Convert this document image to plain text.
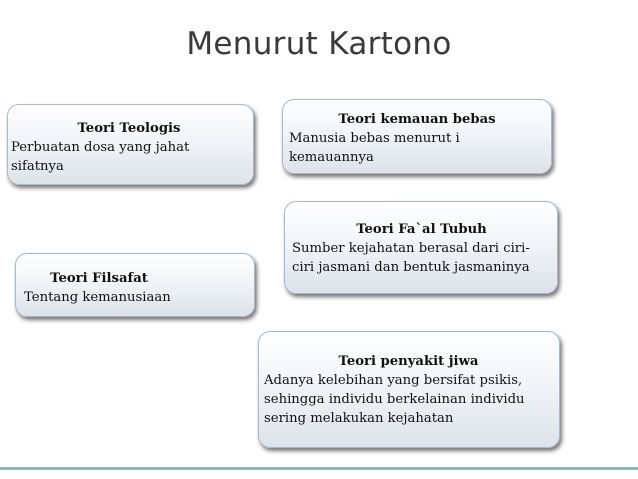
Menurut Kartono
Teori Teologis
Perbuatan dosa yang jahat sifatnya
Teori Filsafat
Tentang kemanusiaan
Teori kemauan bebas
Manusia bebas menurut i kemauannya
Teori Fa`al Tubuh
Sumber kejahatan berasal dari ciri-ciri jasmani dan bentuk jasmaninya
Teori penyakit jiwa
Adanya kelebihan yang bersifat psikis, sehingga individu berkelainan individu sering melakukan kejahatan
